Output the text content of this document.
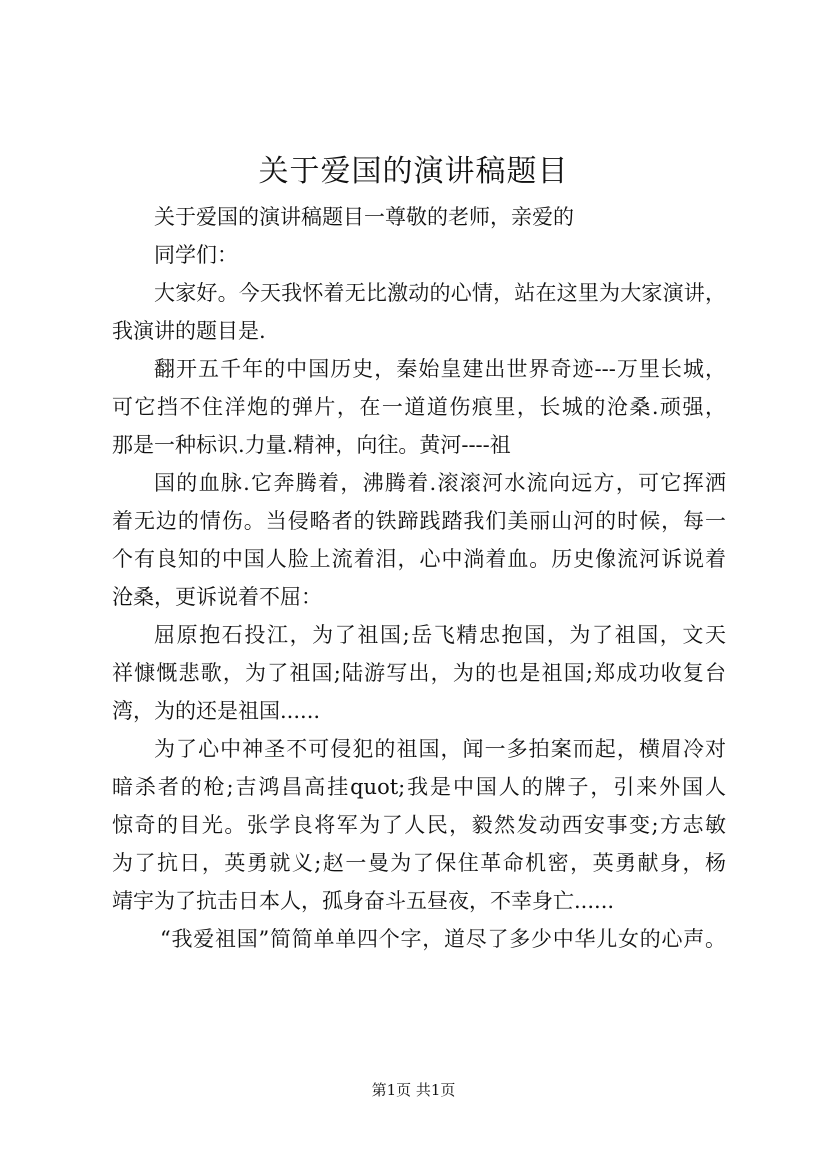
关于爱国的演讲稿题目

关于爱国的演讲稿题目一尊敬的老师，亲爱的

同学们：

大家好。今天我怀着无比激动的心情，站在这里为大家演讲，

我演讲的题目是.

翻开五千年的中国历史，秦始皇建出世界奇迹---万里长城，

可它挡不住洋炮的弹片，在一道道伤痕里，长城的沧桑.顽强，

那是一种标识.力量.精神，向往。黄河----祖

国的血脉.它奔腾着，沸腾着.滚滚河水流向远方，可它挥洒

着无边的情伤。当侵略者的铁蹄践踏我们美丽山河的时候，每一

个有良知的中国人脸上流着泪，心中淌着血。历史像流河诉说着

沧桑，更诉说着不屈：

屈原抱石投江，为了祖国;岳飞精忠抱国，为了祖国，文天

祥慷慨悲歌，为了祖国;陆游写出，为的也是祖国;郑成功收复台

湾，为的还是祖国......

为了心中神圣不可侵犯的祖国，闻一多拍案而起，横眉冷对

暗杀者的枪;吉鸿昌高挂quot;我是中国人的牌子，引来外国人

惊奇的目光。张学良将军为了人民，毅然发动西安事变;方志敏

为了抗日，英勇就义;赵一曼为了保住革命机密，英勇献身，杨

靖宇为了抗击日本人，孤身奋斗五昼夜，不幸身亡......

“我爱祖国”简简单单四个字，道尽了多少中华儿女的心声。

第1页 共1页
